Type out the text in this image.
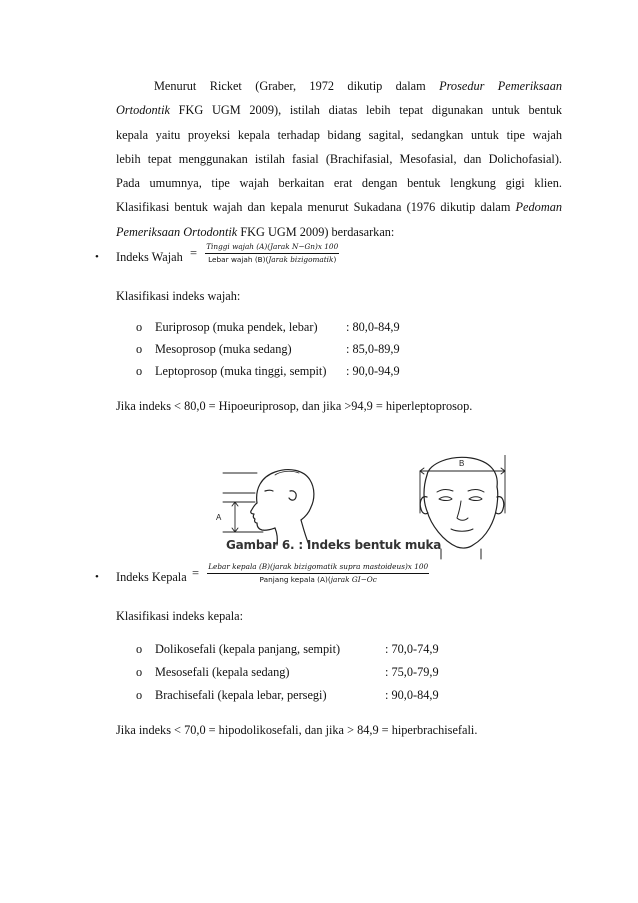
Menurut Ricket (Graber, 1972 dikutip dalam Prosedur Pemeriksaan
Ortodontik FKG UGM 2009), istilah diatas lebih tepat digunakan untuk bentuk
kepala yaitu proyeksi kepala terhadap bidang sagital, sedangkan untuk tipe wajah
lebih tepat menggunakan istilah fasial (Brachifasial, Mesofasial, dan Dolichofasial).
Pada umumnya, tipe wajah berkaitan erat dengan bentuk lengkung gigi klien.
Klasifikasi bentuk wajah dan kepala menurut Sukadana (1976 dikutip dalam Pedoman
Pemeriksaan Ortodontik FKG UGM 2009) berdasarkan:
• Indeks Wajah = $\frac{\text{Tinggi wajah (A)(Jarak N−Gn)x 100}}{\text{Lebar wajah (B)(Jarak bizigomatik)}}$
Klasifikasi indeks wajah:
o Euriprosop (muka pendek, lebar) : 80,0-84,9
o Mesoprosop (muka sedang)	: 85,0-89,9
o Leptoprosop (muka tinggi, sempit) : 90,0-94,9
Jika indeks < 80,0 = Hipoeuriprosop, dan jika >94,9 = hiperleptoprosop.
A
B
Gambar 6. : Indeks bentuk muka
• Indeks Kepala = $\frac{\text{Lebar kepala (B)(jarak bizigomatik supra mastoideus)x 100}}{\text{Panjang kepala (A)(jarak GI−Oc}}$
Klasifikasi indeks kepala:
o Dolikosefali (kepala panjang, sempit)	: 70,0-74,9
o Mesosefali (kepala sedang)	: 75,0-79,9
o Brachisefali (kepala lebar, persegi)	: 90,0-84,9
Jika indeks < 70,0 = hipodolikosefali, dan jika > 84,9 = hiperbrachisefali.
